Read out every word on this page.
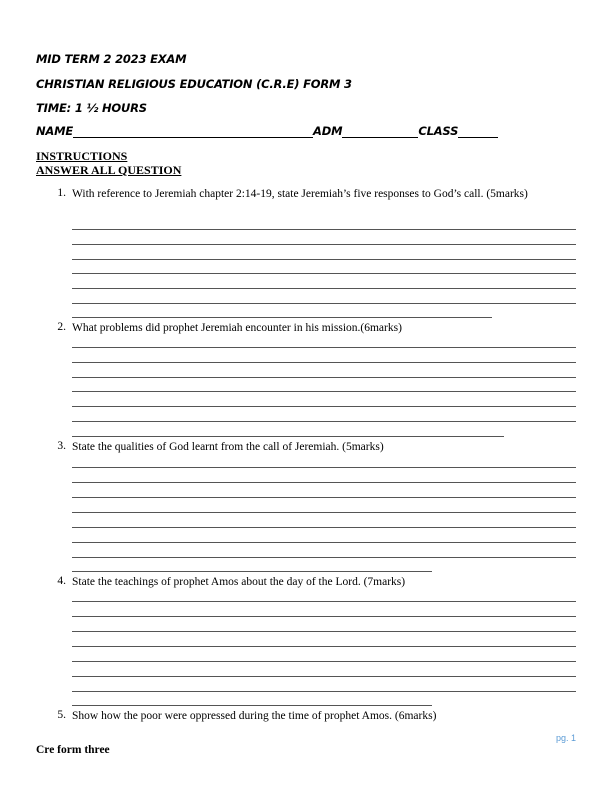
MID TERM 2 2023 EXAM
CHRISTIAN RELIGIOUS EDUCATION (C.R.E) FORM 3
TIME: 1 ½ HOURS
NAME	ADM	CLASS
INSTRUCTIONS
ANSWER ALL QUESTION
1. With reference to Jeremiah chapter 2:14-19, state Jeremiah’s five responses to God’s call. (5marks)
2. What problems did prophet Jeremiah encounter in his mission.(6marks)
3. State the qualities of God learnt from the call of Jeremiah. (5marks)
4. State the teachings of prophet Amos about the day of the Lord. (7marks)
5. Show how the poor were oppressed during the time of prophet Amos. (6marks)
pg. 1
Cre form three
